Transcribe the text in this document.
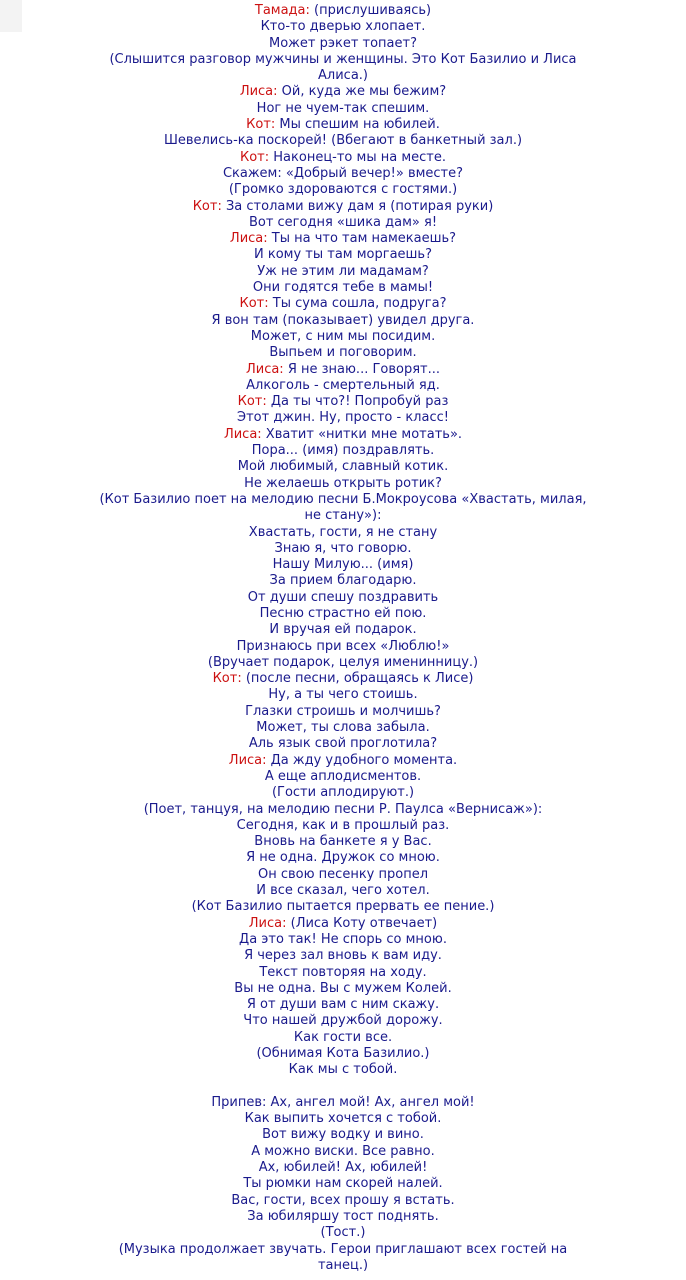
Тамада: (прислушиваясь)
Кто-то дверью хлопает.
Может рэкет топает?
(Слышится разговор мужчины и женщины. Это Кот Базилио и Лиса Алиса.)
Лиса: Ой, куда же мы бежим?
Ног не чуем-так спешим.
Кот: Мы спешим на юбилей.
Шевелись-ка поскорей! (Вбегают в банкетный зал.)
Кот: Наконец-то мы на месте.
Скажем: «Добрый вечер!» вместе?
(Громко здороваются с гостями.)
Кот: За столами вижу дам я (потирая руки)
Вот сегодня «шика дам» я!
Лиса: Ты на что там намекаешь?
И кому ты там моргаешь?
Уж не этим ли мадамам?
Они годятся тебе в мамы!
Кот: Ты сума сошла, подруга?
Я вон там (показывает) увидел друга.
Может, с ним мы посидим.
Выпьем и поговорим.
Лиса: Я не знаю... Говорят...
Алкоголь - смертельный яд.
Кот: Да ты что?! Попробуй раз
Этот джин. Ну, просто - класс!
Лиса: Хватит «нитки мне мотать».
Пора... (имя) поздравлять.
Мой любимый, славный котик.
Не желаешь открыть ротик?
(Кот Базилио поет на мелодию песни Б.Мокроусова «Хвастать, милая, не стану»):
Хвастать, гости, я не стану
Знаю я, что говорю.
Нашу Милую... (имя)
За прием благодарю.
От души спешу поздравить
Песню страстно ей пою.
И вручая ей подарок.
Признаюсь при всех «Люблю!»
(Вручает подарок, целуя именинницу.)
Кот: (после песни, обращаясь к Лисе)
Ну, а ты чего стоишь.
Глазки строишь и молчишь?
Может, ты слова забыла.
Аль язык свой проглотила?
Лиса: Да жду удобного момента.
А еще аплодисментов.
(Гости аплодируют.)
(Поет, танцуя, на мелодию песни Р. Паулса «Вернисаж»):
Сегодня, как и в прошлый раз.
Вновь на банкете я у Вас.
Я не одна. Дружок со мною.
Он свою песенку пропел
И все сказал, чего хотел.
(Кот Базилио пытается прервать ее пение.)
Лиса: (Лиса Коту отвечает)
Да это так! Не спорь со мною.
Я через зал вновь к вам иду.
Текст повторяя на ходу.
Вы не одна. Вы с мужем Колей.
Я от души вам с ним скажу.
Что нашей дружбой дорожу.
Как гости все.
(Обнимая Кота Базилио.)
Как мы с тобой.
Припев: Ах, ангел мой! Ах, ангел мой!
Как выпить хочется с тобой.
Вот вижу водку и вино.
А можно виски. Все равно.
Ах, юбилей! Ах, юбилей!
Ты рюмки нам скорей налей.
Вас, гости, всех прошу я встать.
За юбиляршу тост поднять.
(Тост.)
(Музыка продолжает звучать. Герои приглашают всех гостей на танец.)
